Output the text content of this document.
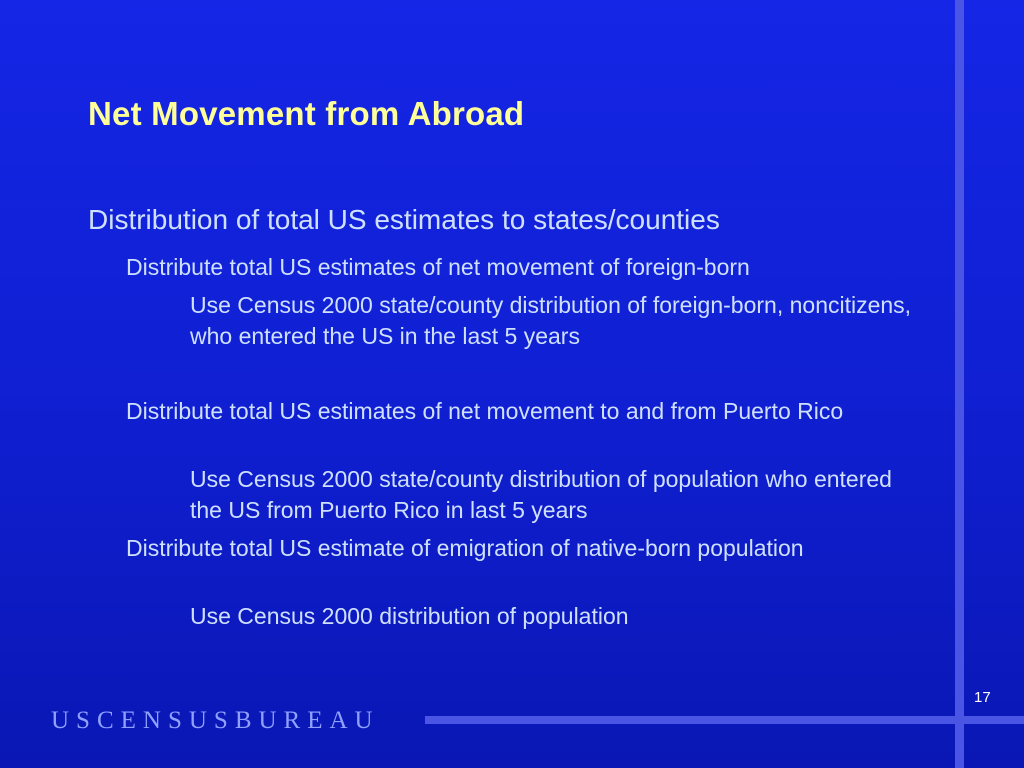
Net Movement from Abroad
Distribution of total US estimates to states/counties
Distribute total US estimates of net movement of foreign-born
Use Census 2000 state/county distribution of foreign-born, noncitizens, who entered the US in the last 5 years
Distribute total US estimates of net movement to and from Puerto Rico
Use Census 2000 state/county distribution of population who entered the US from Puerto Rico in last 5 years
Distribute total US estimate of emigration of native-born population
Use Census 2000 distribution of population
17
USCENSUSBUREAU
